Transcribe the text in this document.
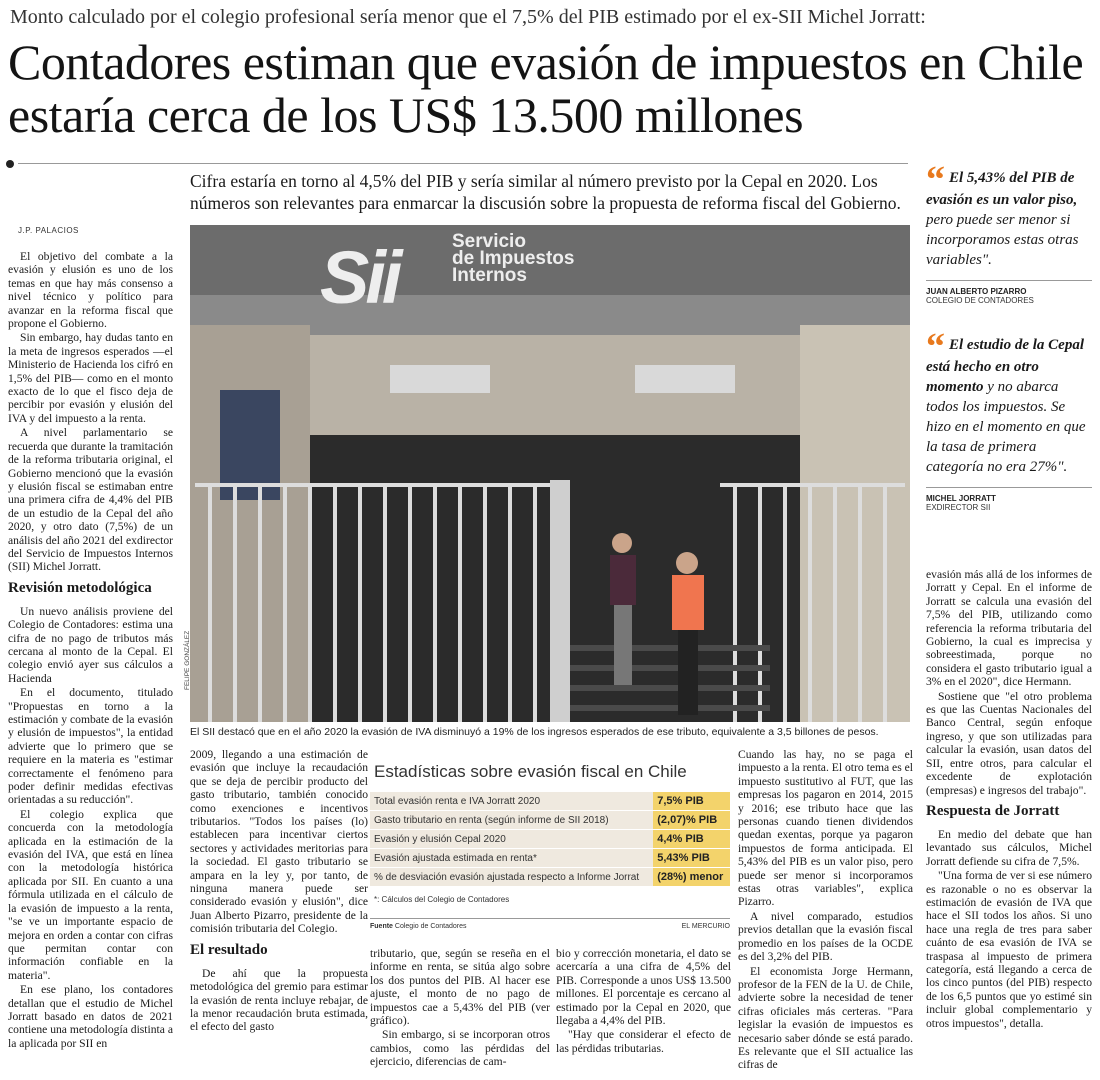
Monto calculado por el colegio profesional sería menor que el 7,5% del PIB estimado por el ex-SII Michel Jorratt:
Contadores estiman que evasión de impuestos en Chile estaría cerca de los US$ 13.500 millones
Cifra estaría en torno al 4,5% del PIB y sería similar al número previsto por la Cepal en 2020. Los números son relevantes para enmarcar la discusión sobre la propuesta de reforma fiscal del Gobierno.
J.P. PALACIOS

El objetivo del combate a la evasión y elusión es uno de los temas en que hay más consenso a nivel técnico y político para avanzar en la reforma fiscal que propone el Gobierno.

Sin embargo, hay dudas tanto en la meta de ingresos esperados —el Ministerio de Hacienda los cifró en 1,5% del PIB— como en el monto exacto de lo que el fisco deja de percibir por evasión y elusión del IVA y del impuesto a la renta.

A nivel parlamentario se recuerda que durante la tramitación de la reforma tributaria original, el Gobierno mencionó que la evasión y elusión fiscal se estimaban entre una primera cifra de 4,4% del PIB de un estudio de la Cepal del año 2020, y otro dato (7,5%) de un análisis del año 2021 del exdirector del Servicio de Impuestos Internos (SII) Michel Jorratt.

Revisión metodológica

Un nuevo análisis proviene del Colegio de Contadores: estima una cifra de no pago de tributos más cercana al monto de la Cepal. El colegio envió ayer sus cálculos a Hacienda

En el documento, titulado "Propuestas en torno a la estimación y combate de la evasión y elusión de impuestos", la entidad advierte que lo primero que se requiere en la materia es "estimar correctamente el fenómeno para poder definir medidas efectivas orientadas a su reducción".

El colegio explica que concuerda con la metodología aplicada en la estimación de la evasión del IVA, que está en línea con la metodología histórica aplicada por SII. En cuanto a una fórmula utilizada en el cálculo de la evasión de impuesto a la renta, "se ve un importante espacio de mejora en orden a contar con cifras que permitan contar con información confiable en la materia".

En ese plano, los contadores detallan que el estudio de Michel Jorratt basado en datos de 2021 contiene una metodología distinta a la aplicada por SII en

Sii	Servicio
de Impuestos
Internos
FELIPE GONZÁLEZ
El SII destacó que en el año 2020 la evasión de IVA disminuyó a 19% de los ingresos esperados de ese tributo, equivalente a 3,5 billones de pesos.
“ El 5,43% del PIB de evasión es un valor piso, pero puede ser menor si incorporamos estas otras variables".
JUAN ALBERTO PIZARRO
COLEGIO DE CONTADORES
“ El estudio de la Cepal está hecho en otro momento y no abarca todos los impuestos. Se hizo en el momento en que la tasa de primera categoría no era 27%".
MICHEL JORRATT
EXDIRECTOR SII

2009, llegando a una estimación de evasión que incluye la recaudación que se deja de percibir producto del gasto tributario, también conocido como exenciones e incentivos tributarios. "Todos los países (lo) establecen para incentivar ciertos sectores y actividades meritorias para la sociedad. El gasto tributario se ampara en la ley y, por tanto, de ninguna manera puede ser considerado evasión y elusión", dice Juan Alberto Pizarro, presidente de la comisión tributaria del Colegio.

El resultado

De ahí que la propuesta metodológica del gremio para estimar la evasión de renta incluye rebajar, de la menor recaudación bruta estimada, el efecto del gasto

Estadísticas sobre evasión fiscal en Chile
Total evasión renta e IVA Jorratt 2020	7,5% PIB
Gasto tributario en renta (según informe de SII 2018)	(2,07)% PIB
Evasión y elusión Cepal 2020	4,4% PIB
Evasión ajustada estimada en renta*	5,43% PIB
% de desviación evasión ajustada respecto a Informe Jorrat	(28%) menor
*: Cálculos del Colegio de Contadores
Fuente Colegio de Contadores	EL MERCURIO

tributario, que, según se reseña en el informe en renta, se sitúa algo sobre los dos puntos del PIB. Al hacer ese ajuste, el monto de no pago de impuestos cae a 5,43% del PIB (ver gráfico).

Sin embargo, si se incorporan otros cambios, como las pérdidas del ejercicio, diferencias de cam-

bio y corrección monetaria, el dato se acercaría a una cifra de 4,5% del PIB. Corresponde a unos US$ 13.500 millones. El porcentaje es cercano al estimado por la Cepal en 2020, que llegaba a 4,4% del PIB.

"Hay que considerar el efecto de las pérdidas tributarias.

Cuando las hay, no se paga el impuesto a la renta. El otro tema es el impuesto sustitutivo al FUT, que las empresas los pagaron en 2014, 2015 y 2016; ese tributo hace que las personas cuando tienen dividendos quedan exentas, porque ya pagaron impuestos de forma anticipada. El 5,43% del PIB es un valor piso, pero puede ser menor si incorporamos estas otras variables", explica Pizarro.

A nivel comparado, estudios previos detallan que la evasión fiscal promedio en los países de la OCDE es del 3,2% del PIB.

El economista Jorge Hermann, profesor de la FEN de la U. de Chile, advierte sobre la necesidad de tener cifras oficiales más certeras. "Para legislar la evasión de impuestos es necesario saber dónde se está parado. Es relevante que el SII actualice las cifras de

evasión más allá de los informes de Jorratt y Cepal. En el informe de Jorratt se calcula una evasión del 7,5% del PIB, utilizando como referencia la reforma tributaria del Gobierno, la cual es imprecisa y sobreestimada, porque no considera el gasto tributario igual a 3% en el 2020", dice Hermann.

Sostiene que "el otro problema es que las Cuentas Nacionales del Banco Central, según enfoque ingreso, y que son utilizadas para calcular la evasión, usan datos del SII, entre otros, para calcular el excedente de explotación (empresas) e ingresos del trabajo".

Respuesta de Jorratt

En medio del debate que han levantado sus cálculos, Michel Jorratt defiende su cifra de 7,5%.

"Una forma de ver si ese número es razonable o no es observar la estimación de evasión de IVA que hace el SII todos los años. Si uno hace una regla de tres para saber cuánto de esa evasión de IVA se traspasa al impuesto de primera categoría, está llegando a cerca de los cinco puntos (del PIB) respecto de los 6,5 puntos que yo estimé sin incluir global complementario y otros impuestos", detalla.
